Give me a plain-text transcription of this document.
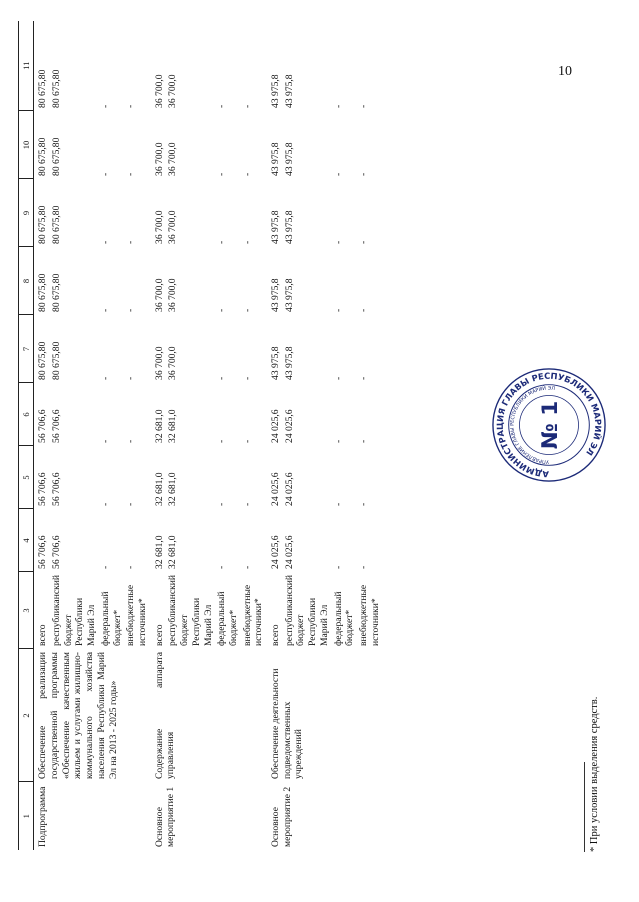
10
1	2	3	4	5	6	7	8	9	10	11
Подпрограмма	Обеспечение реализации государственной программы «Обеспечение качественным жильем и услугами жилищно-коммунального хозяйства населения Республики Марий Эл на 2013 - 2025 годы»	всего	56 706,6	56 706,6	56 706,6	80 675,80	80 675,80	80 675,80	80 675,80	80 675,80
		республиканский бюджет Республики Марий Эл	56 706,6	56 706,6	56 706,6	80 675,80	80 675,80	80 675,80	80 675,80	80 675,80
		федеральный бюджет*	-	-	-	-	-	-	-	-
		внебюджетные источники*	-	-	-	-	-	-	-	-
Основное мероприятие 1	Содержание аппарата управления	всего	32 681,0	32 681,0	32 681,0	36 700,0	36 700,0	36 700,0	36 700,0	36 700,0
		республиканский бюджет Республики Марий Эл	32 681,0	32 681,0	32 681,0	36 700,0	36 700,0	36 700,0	36 700,0	36 700,0
		федеральный бюджет*	-	-	-	-	-	-	-	-
		внебюджетные источники*	-	-	-	-	-	-	-	-
Основное мероприятие 2	Обеспечение деятельности подведомственных учреждений	всего	24 025,6	24 025,6	24 025,6	43 975,8	43 975,8	43 975,8	43 975,8	43 975,8
		республиканский бюджет Республики Марий Эл	24 025,6	24 025,6	24 025,6	43 975,8	43 975,8	43 975,8	43 975,8	43 975,8
		федеральный бюджет*	-	-	-	-	-	-	-	-
		внебюджетные источники*	-	-	-	-	-	-	-	-
АДМИНИСТРАЦИЯ ГЛАВЫ РЕСПУБЛИКИ МАРИЙ ЭЛ
УПРАВЛЕНИЕ ГЛАВЫ РЕСПУБЛИКИ МАРИЙ ЭЛ
№ 1
* При условии выделения средств.
